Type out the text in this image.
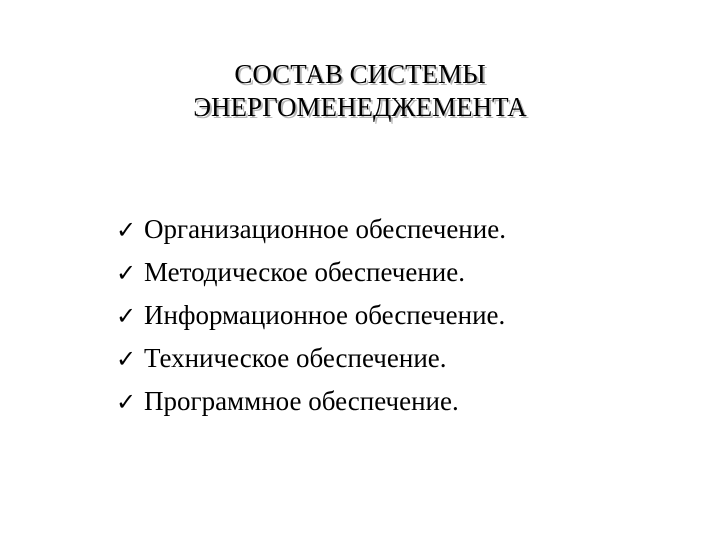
СОСТАВ СИСТЕМЫ
ЭНЕРГОМЕНЕДЖЕМЕНТА
✓ Организационное обеспечение.
✓ Методическое обеспечение.
✓ Информационное обеспечение.
✓ Техническое обеспечение.
✓ Программное обеспечение.
